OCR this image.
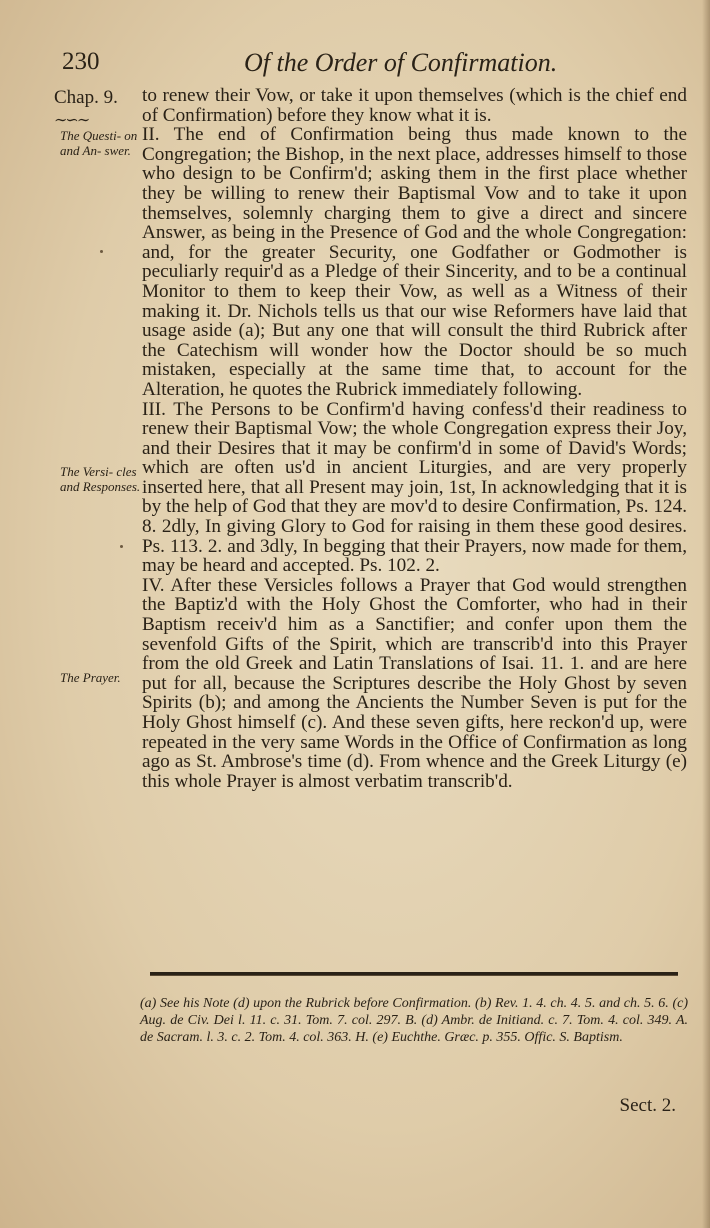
230	Of the Order of Confirmation.
Chap. 9.
∼∽∼
The Questi- on and An- swer.
The Versi- cles and Responses.
The Prayer.

to renew their Vow, or take it upon themselves (which is the chief end of Confirmation) before they know what it is.

II. The end of Confirmation being thus made known to the Congregation; the Bishop, in the next place, addresses himself to those who design to be Confirm'd; asking them in the first place whether they be willing to renew their Baptismal Vow and to take it upon themselves, solemnly charging them to give a direct and sincere Answer, as being in the Presence of God and the whole Congregation: and, for the greater Security, one Godfather or Godmother is peculiarly requir'd as a Pledge of their Sincerity, and to be a continual Monitor to them to keep their Vow, as well as a Witness of their making it. Dr. Nichols tells us that our wise Reformers have laid that usage aside (a); But any one that will consult the third Rubrick after the Catechism will wonder how the Doctor should be so much mistaken, especially at the same time that, to account for the Alteration, he quotes the Rubrick immediately following.

III. The Persons to be Confirm'd having confess'd their readiness to renew their Baptismal Vow; the whole Congregation express their Joy, and their Desires that it may be confirm'd in some of David's Words; which are often us'd in ancient Liturgies, and are very properly inserted here, that all Present may join, 1st, In acknowledging that it is by the help of God that they are mov'd to desire Confirmation, Ps. 124. 8. 2dly, In giving Glory to God for raising in them these good desires. Ps. 113. 2. and 3dly, In begging that their Prayers, now made for them, may be heard and accepted. Ps. 102. 2.

IV. After these Versicles follows a Prayer that God would strengthen the Baptiz'd with the Holy Ghost the Comforter, who had in their Baptism receiv'd him as a Sanctifier; and confer upon them the sevenfold Gifts of the Spirit, which are transcrib'd into this Prayer from the old Greek and Latin Translations of Isai. 11. 1. and are here put for all, because the Scriptures describe the Holy Ghost by seven Spirits (b); and among the Ancients the Number Seven is put for the Holy Ghost himself (c). And these seven gifts, here reckon'd up, were repeated in the very same Words in the Office of Confirmation as long ago as St. Ambrose's time (d). From whence and the Greek Liturgy (e) this whole Prayer is almost verbatim transcrib'd.

(a) See his Note (d) upon the Rubrick before Confirmation. (b) Rev. 1. 4. ch. 4. 5. and ch. 5. 6. (c) Aug. de Civ. Dei l. 11. c. 31. Tom. 7. col. 297. B. (d) Ambr. de Initiand. c. 7. Tom. 4. col. 349. A. de Sacram. l. 3. c. 2. Tom. 4. col. 363. H. (e) Euchthe. Græc. p. 355. Offic. S. Baptism.
Sect. 2.
